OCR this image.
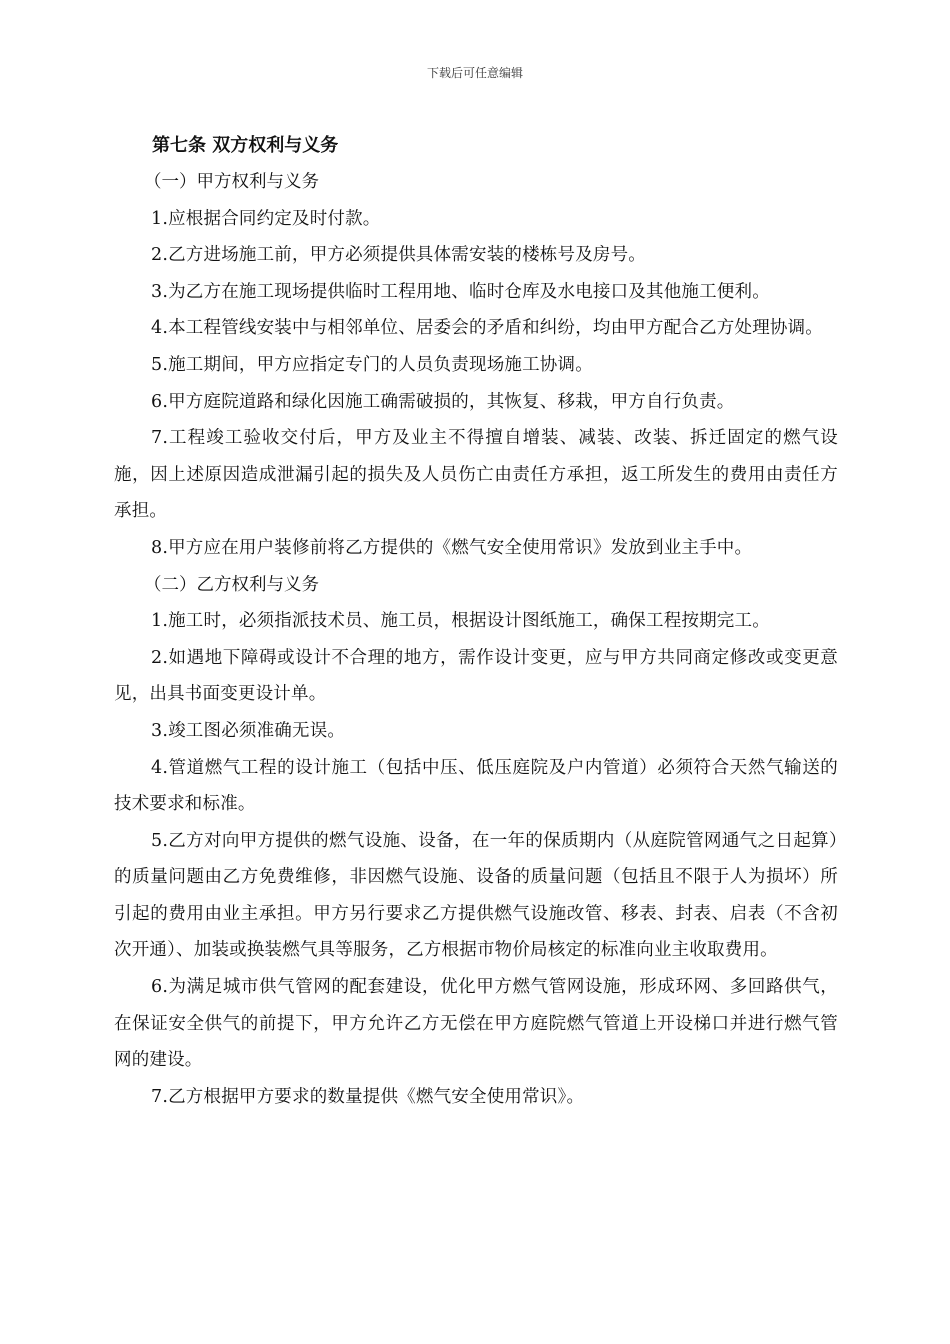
下载后可任意编辑

第七条 双方权利与义务

（一）甲方权利与义务

1.应根据合同约定及时付款。

2.乙方进场施工前，甲方必须提供具体需安装的楼栋号及房号。

3.为乙方在施工现场提供临时工程用地、临时仓库及水电接口及其他施工便利。

4.本工程管线安装中与相邻单位、居委会的矛盾和纠纷，均由甲方配合乙方处理协调。

5.施工期间，甲方应指定专门的人员负责现场施工协调。

6.甲方庭院道路和绿化因施工确需破损的，其恢复、移栽，甲方自行负责。

7.工程竣工验收交付后，甲方及业主不得擅自增装、减装、改装、拆迁固定的燃气设施，因上述原因造成泄漏引起的损失及人员伤亡由责任方承担，返工所发生的费用由责任方承担。

8.甲方应在用户装修前将乙方提供的《燃气安全使用常识》发放到业主手中。

（二）乙方权利与义务

1.施工时，必须指派技术员、施工员，根据设计图纸施工，确保工程按期完工。

2.如遇地下障碍或设计不合理的地方，需作设计变更，应与甲方共同商定修改或变更意见，出具书面变更设计单。

3.竣工图必须准确无误。

4.管道燃气工程的设计施工（包括中压、低压庭院及户内管道）必须符合天然气输送的技术要求和标准。

5.乙方对向甲方提供的燃气设施、设备，在一年的保质期内（从庭院管网通气之日起算）的质量问题由乙方免费维修，非因燃气设施、设备的质量问题（包括且不限于人为损坏）所引起的费用由业主承担。甲方另行要求乙方提供燃气设施改管、移表、封表、启表（不含初次开通）、加装或换装燃气具等服务，乙方根据市物价局核定的标准向业主收取费用。

6.为满足城市供气管网的配套建设，优化甲方燃气管网设施，形成环网、多回路供气，在保证安全供气的前提下，甲方允许乙方无偿在甲方庭院燃气管道上开设梯口并进行燃气管网的建设。

7.乙方根据甲方要求的数量提供《燃气安全使用常识》。
